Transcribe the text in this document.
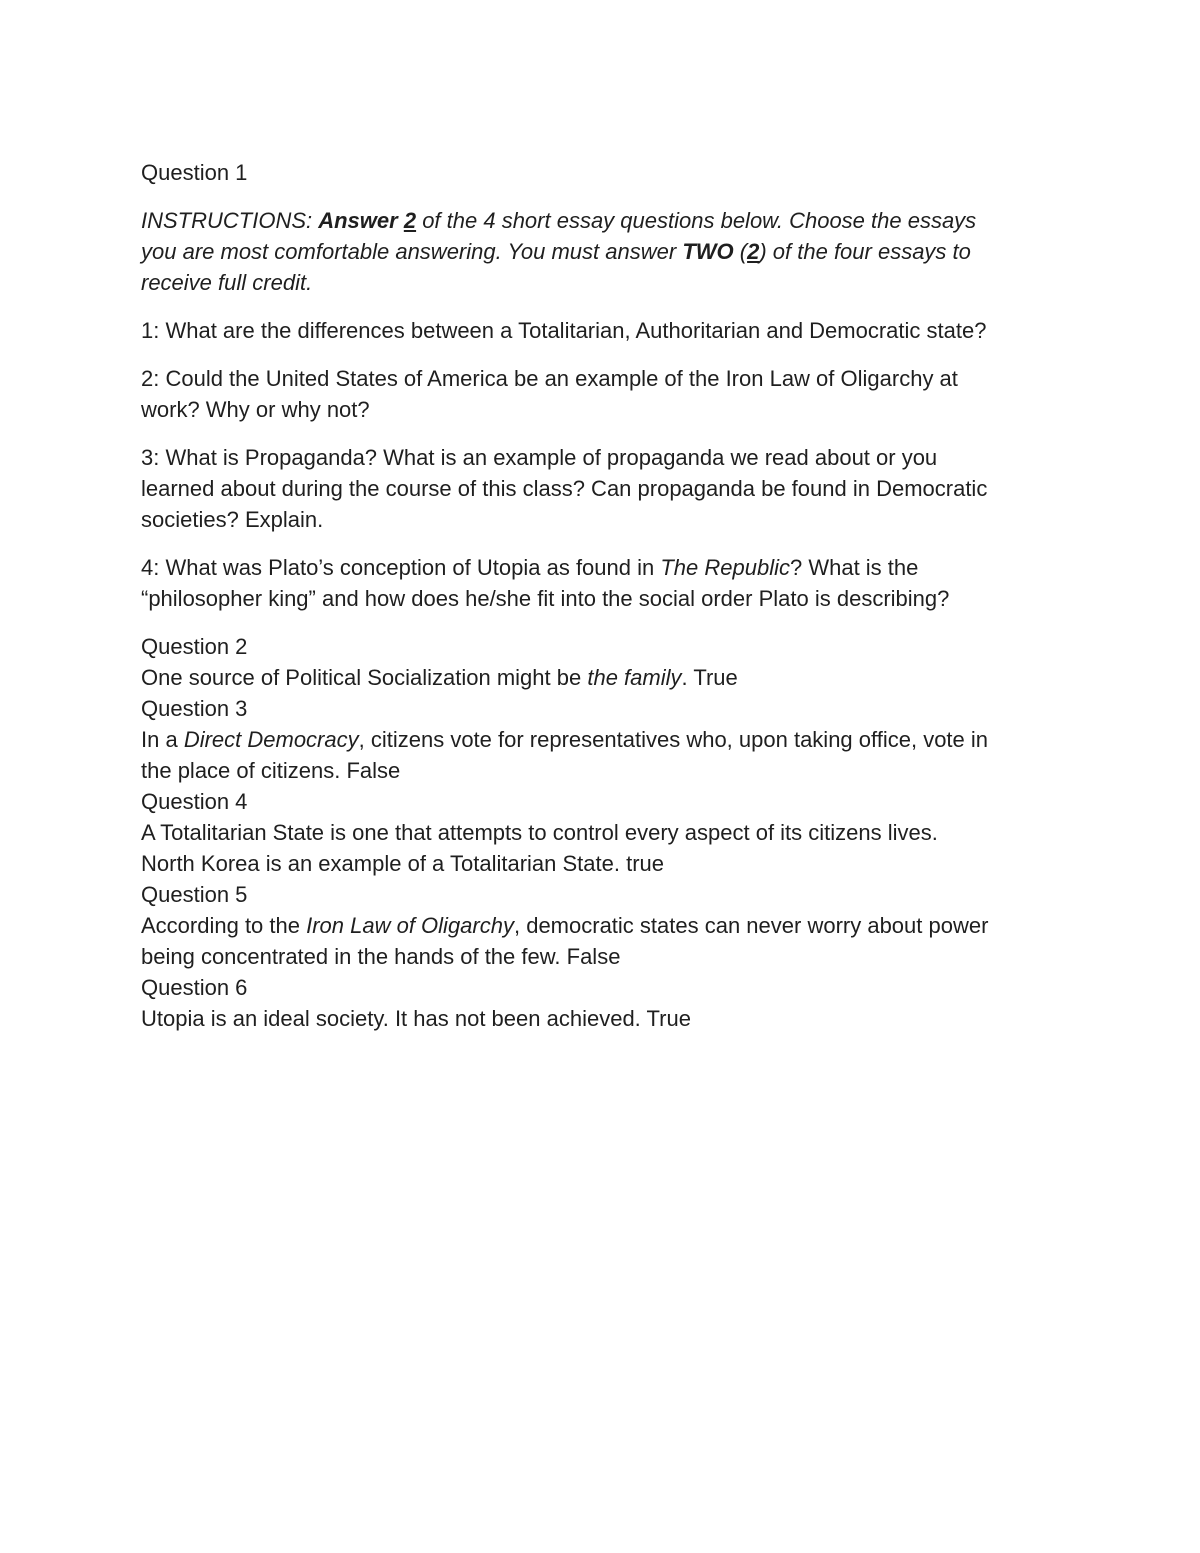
Question 1

INSTRUCTIONS: Answer 2 of the 4 short essay questions below. Choose the essays
you are most comfortable answering. You must answer TWO (2) of the four essays to
receive full credit.

1: What are the differences between a Totalitarian, Authoritarian and Democratic state?

2: Could the United States of America be an example of the Iron Law of Oligarchy at
work? Why or why not?

3: What is Propaganda? What is an example of propaganda we read about or you
learned about during the course of this class? Can propaganda be found in Democratic
societies? Explain.

4: What was Plato’s conception of Utopia as found in The Republic? What is the
“philosopher king” and how does he/she fit into the social order Plato is describing?

Question 2
One source of Political Socialization might be the family. True
Question 3
In a Direct Democracy, citizens vote for representatives who, upon taking office, vote in
the place of citizens. False
Question 4
A Totalitarian State is one that attempts to control every aspect of its citizens lives.
North Korea is an example of a Totalitarian State. true
Question 5
According to the Iron Law of Oligarchy, democratic states can never worry about power
being concentrated in the hands of the few. False
Question 6
Utopia is an ideal society. It has not been achieved. True
